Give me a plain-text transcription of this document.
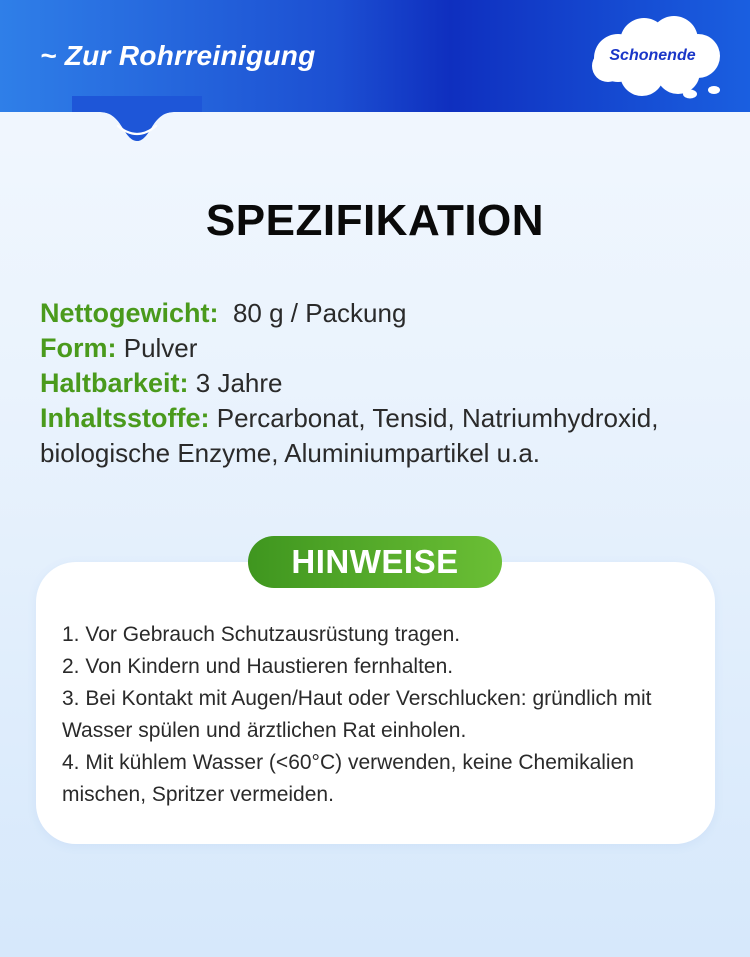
~ Zur Rohrreinigung	Schonende
SPEZIFIKATION

Nettogewicht:  80 g / Packung

Form: Pulver

Haltbarkeit: 3 Jahre

Inhaltsstoffe: Percarbonat, Tensid, Natriumhydroxid, biologische Enzyme, Aluminiumpartikel u.a.

HINWEISE

1. Vor Gebrauch Schutzausrüstung tragen.

2. Von Kindern und Haustieren fernhalten.

3. Bei Kontakt mit Augen/Haut oder Verschlucken: gründlich mit Wasser spülen und ärztlichen Rat einholen.

4. Mit kühlem Wasser (<60°C) verwenden, keine Chemikalien mischen, Spritzer vermeiden.
